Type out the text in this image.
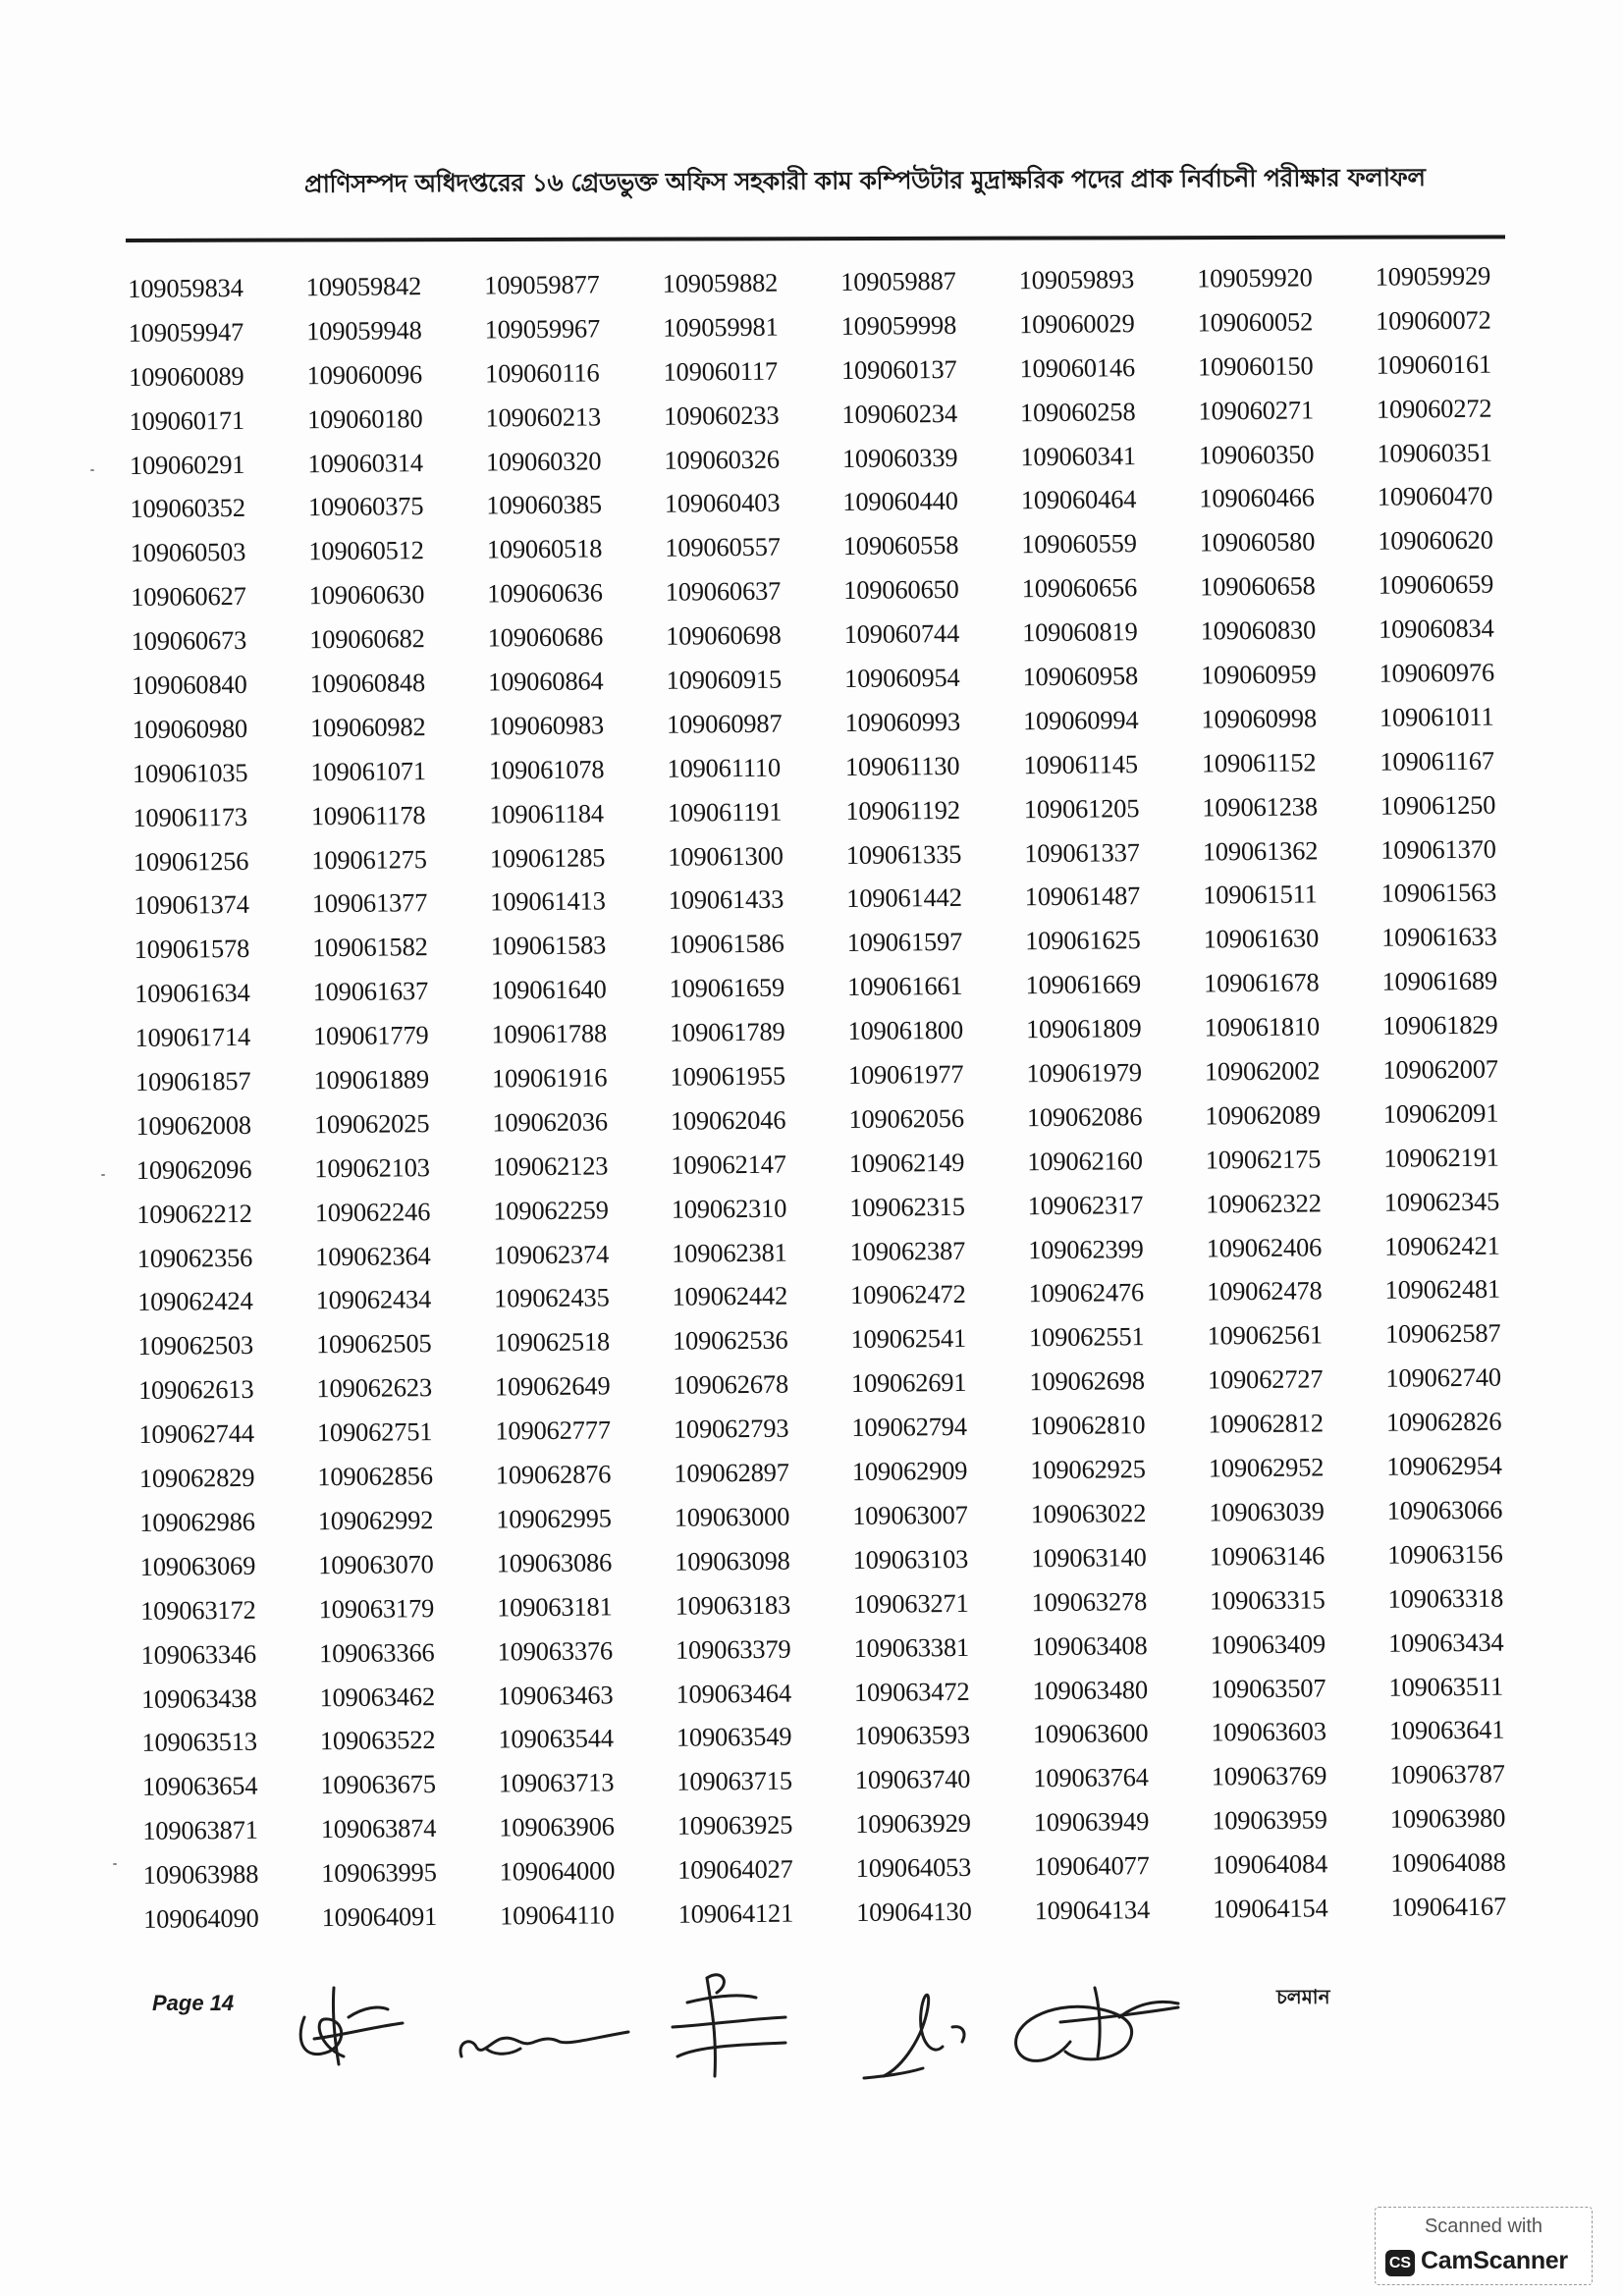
প্রাণিসম্পদ অধিদপ্তরের ১৬ গ্রেডভুক্ত অফিস সহকারী কাম কম্পিউটার মুদ্রাক্ষরিক পদের প্রাক নির্বাচনী পরীক্ষার ফলাফল
109059834	109059842	109059877	109059882	109059887	109059893	109059920	109059929
109059947	109059948	109059967	109059981	109059998	109060029	109060052	109060072
109060089	109060096	109060116	109060117	109060137	109060146	109060150	109060161
109060171	109060180	109060213	109060233	109060234	109060258	109060271	109060272
109060291	109060314	109060320	109060326	109060339	109060341	109060350	109060351
109060352	109060375	109060385	109060403	109060440	109060464	109060466	109060470
109060503	109060512	109060518	109060557	109060558	109060559	109060580	109060620
109060627	109060630	109060636	109060637	109060650	109060656	109060658	109060659
109060673	109060682	109060686	109060698	109060744	109060819	109060830	109060834
109060840	109060848	109060864	109060915	109060954	109060958	109060959	109060976
109060980	109060982	109060983	109060987	109060993	109060994	109060998	109061011
109061035	109061071	109061078	109061110	109061130	109061145	109061152	109061167
109061173	109061178	109061184	109061191	109061192	109061205	109061238	109061250
109061256	109061275	109061285	109061300	109061335	109061337	109061362	109061370
109061374	109061377	109061413	109061433	109061442	109061487	109061511	109061563
109061578	109061582	109061583	109061586	109061597	109061625	109061630	109061633
109061634	109061637	109061640	109061659	109061661	109061669	109061678	109061689
109061714	109061779	109061788	109061789	109061800	109061809	109061810	109061829
109061857	109061889	109061916	109061955	109061977	109061979	109062002	109062007
109062008	109062025	109062036	109062046	109062056	109062086	109062089	109062091
109062096	109062103	109062123	109062147	109062149	109062160	109062175	109062191
109062212	109062246	109062259	109062310	109062315	109062317	109062322	109062345
109062356	109062364	109062374	109062381	109062387	109062399	109062406	109062421
109062424	109062434	109062435	109062442	109062472	109062476	109062478	109062481
109062503	109062505	109062518	109062536	109062541	109062551	109062561	109062587
109062613	109062623	109062649	109062678	109062691	109062698	109062727	109062740
109062744	109062751	109062777	109062793	109062794	109062810	109062812	109062826
109062829	109062856	109062876	109062897	109062909	109062925	109062952	109062954
109062986	109062992	109062995	109063000	109063007	109063022	109063039	109063066
109063069	109063070	109063086	109063098	109063103	109063140	109063146	109063156
109063172	109063179	109063181	109063183	109063271	109063278	109063315	109063318
109063346	109063366	109063376	109063379	109063381	109063408	109063409	109063434
109063438	109063462	109063463	109063464	109063472	109063480	109063507	109063511
109063513	109063522	109063544	109063549	109063593	109063600	109063603	109063641
109063654	109063675	109063713	109063715	109063740	109063764	109063769	109063787
109063871	109063874	109063906	109063925	109063929	109063949	109063959	109063980
109063988	109063995	109064000	109064027	109064053	109064077	109064084	109064088
109064090	109064091	109064110	109064121	109064130	109064134	109064154	109064167
Page 14	চলমান
Scanned with
CS CamScanner
